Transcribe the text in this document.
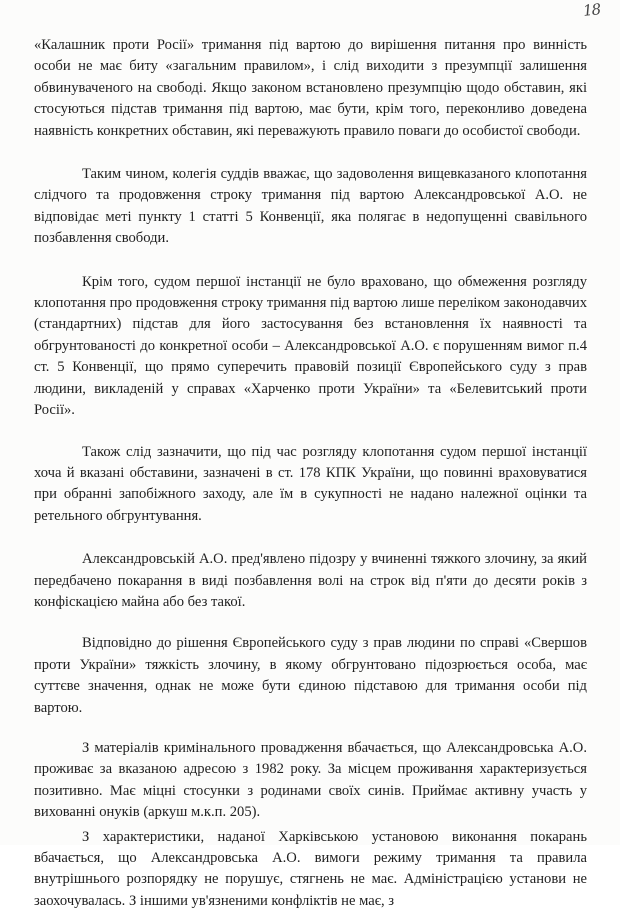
18

«Калашник проти Росії» тримання під вартою до вирішення питання про винність особи не має биту «загальним правилом», і слід виходити з презумпції залишення обвинуваченого на свободі. Якщо законом встановлено презумпцію щодо обставин, які стосуються підстав тримання під вартою, має бути, крім того, переконливо доведена наявність конкретних обставин, які переважують правило поваги до особистої свободи.

Таким чином, колегія суддів вважає, що задоволення вищевказаного клопотання слідчого та продовження строку тримання під вартою Александровської А.О. не відповідає меті пункту 1 статті 5 Конвенції, яка полягає в недопущенні свавільного позбавлення свободи.

Крім того, судом першої інстанції не було враховано, що обмеження розгляду клопотання про продовження строку тримання під вартою лише переліком законодавчих (стандартних) підстав для його застосування без встановлення їх наявності та обгрунтованості до конкретної особи – Александровської А.О. є порушенням вимог п.4 ст. 5 Конвенції, що прямо суперечить правовій позиції Європейського суду з прав людини, викладеній у справах «Харченко проти України» та «Белевитський проти Росії».

Також слід зазначити, що під час розгляду клопотання судом першої інстанції хоча й вказані обставини, зазначені в ст. 178 КПК України, що повинні враховуватися при обранні запобіжного заходу, але їм в сукупності не надано належної оцінки та ретельного обгрунтування.

Александровській А.О. пред'явлено підозру у вчиненні тяжкого злочину, за який передбачено покарання в виді позбавлення волі на строк від п'яти до десяти років з конфіскацією майна або без такої.

Відповідно до рішення Європейського суду з прав людини по справі «Свершов проти України» тяжкість злочину, в якому обгрунтовано підозрюється особа, має суттєве значення, однак не може бути єдиною підставою для тримання особи під вартою.

З матеріалів кримінального провадження вбачається, що Александровська А.О. проживає за вказаною адресою з 1982 року. За місцем проживання характеризується позитивно. Має міцні стосунки з родинами своїх синів. Приймає активну участь у вихованні онуків (аркуш м.к.п. 205).

З характеристики, наданої Харківською установою виконання покарань вбачається, що Александровська А.О. вимоги режиму тримання та правила внутрішнього розпорядку не порушує, стягнень не має. Адміністрацією установи не заохочувалась. З іншими ув'язненими конфліктів не має, з
